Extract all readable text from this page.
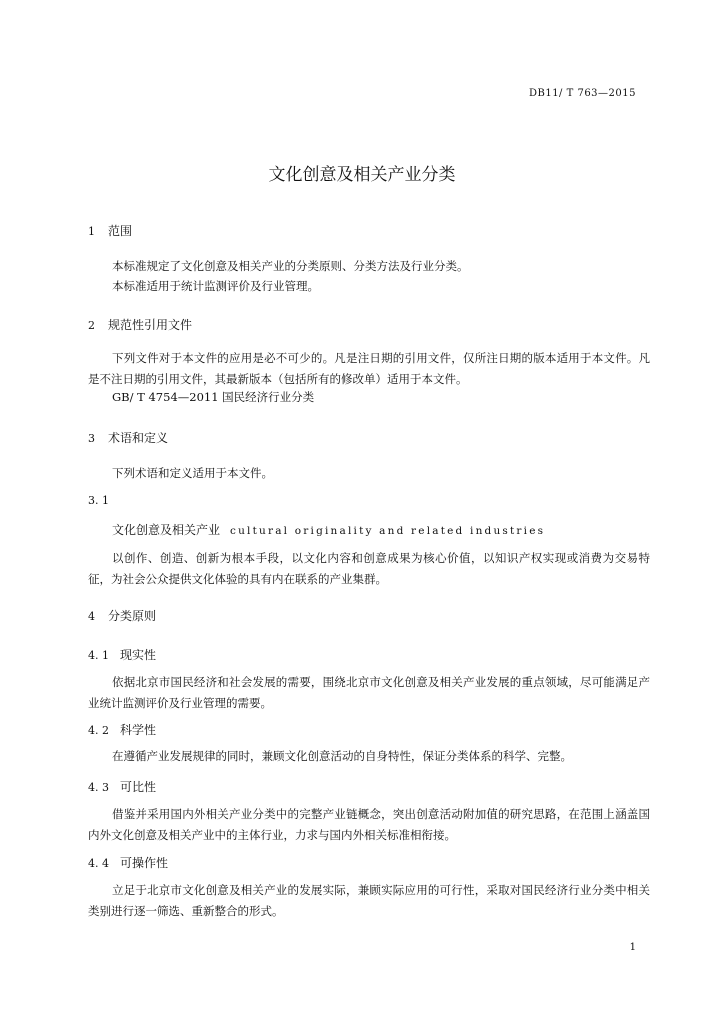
DB11/ T 763—2015
文化创意及相关产业分类
1 范围
本标准规定了文化创意及相关产业的分类原则、分类方法及行业分类。
本标准适用于统计监测评价及行业管理。
2 规范性引用文件
下列文件对于本文件的应用是必不可少的。凡是注日期的引用文件，仅所注日期的版本适用于本文件。凡是不注日期的引用文件，其最新版本（包括所有的修改单）适用于本文件。
GB/ T 4754—2011 国民经济行业分类
3 术语和定义
下列术语和定义适用于本文件。
3. 1
文化创意及相关产业 cultural originality and related industries
以创作、创造、创新为根本手段，以文化内容和创意成果为核心价值，以知识产权实现或消费为交易特征，为社会公众提供文化体验的具有内在联系的产业集群。
4 分类原则
4. 1 现实性
依据北京市国民经济和社会发展的需要，围绕北京市文化创意及相关产业发展的重点领域，尽可能满足产业统计监测评价及行业管理的需要。
4. 2 科学性
在遵循产业发展规律的同时，兼顾文化创意活动的自身特性，保证分类体系的科学、完整。
4. 3 可比性
借鉴并采用国内外相关产业分类中的完整产业链概念，突出创意活动附加值的研究思路，在范围上涵盖国内外文化创意及相关产业中的主体行业，力求与国内外相关标准相衔接。
4. 4 可操作性
立足于北京市文化创意及相关产业的发展实际，兼顾实际应用的可行性，采取对国民经济行业分类中相关类别进行逐一筛选、重新整合的形式。
1
